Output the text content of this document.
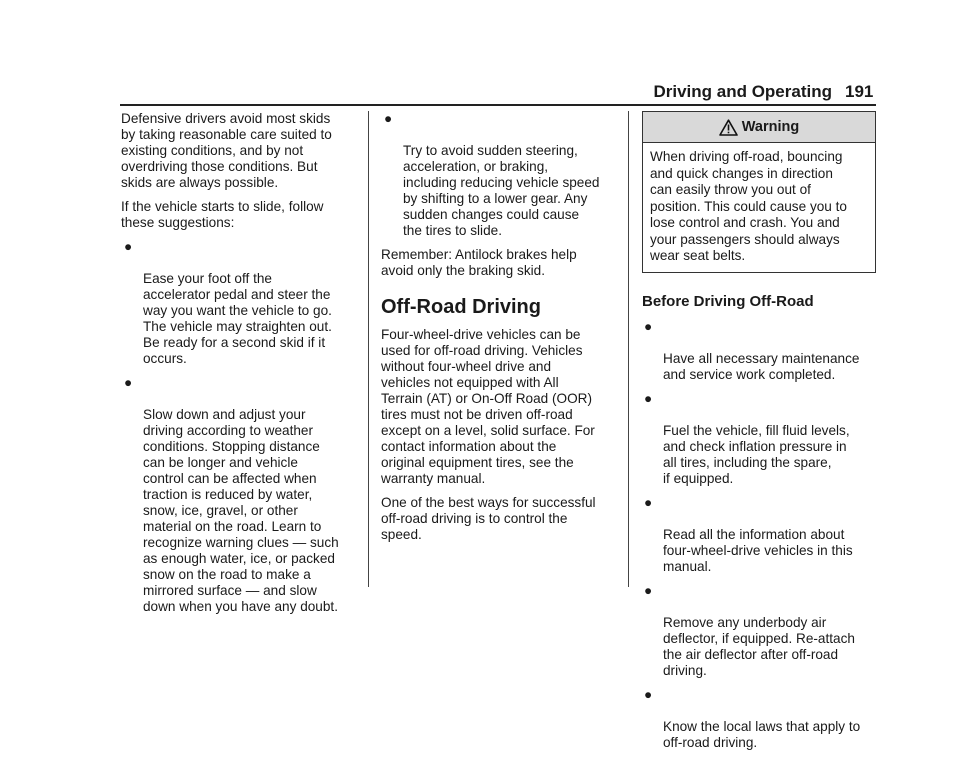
Driving and Operating 191

Defensive drivers avoid most skids
by taking reasonable care suited to
existing conditions, and by not
overdriving those conditions. But
skids are always possible.

If the vehicle starts to slide, follow
these suggestions:

●

Ease your foot off the
accelerator pedal and steer the
way you want the vehicle to go.
The vehicle may straighten out.
Be ready for a second skid if it
occurs.

●

Slow down and adjust your
driving according to weather
conditions. Stopping distance
can be longer and vehicle
control can be affected when
traction is reduced by water,
snow, ice, gravel, or other
material on the road. Learn to
recognize warning clues — such
as enough water, ice, or packed
snow on the road to make a
mirrored surface — and slow
down when you have any doubt.

●

Try to avoid sudden steering,
acceleration, or braking,
including reducing vehicle speed
by shifting to a lower gear. Any
sudden changes could cause
the tires to slide.

Remember: Antilock brakes help
avoid only the braking skid.

Off-Road Driving

Four-wheel-drive vehicles can be
used for off-road driving. Vehicles
without four-wheel drive and
vehicles not equipped with All
Terrain (AT) or On-Off Road (OOR)
tires must not be driven off-road
except on a level, solid surface. For
contact information about the
original equipment tires, see the
warranty manual.

One of the best ways for successful
off-road driving is to control the
speed.

Warning
When driving off-road, bouncing
and quick changes in direction
can easily throw you out of
position. This could cause you to
lose control and crash. You and
your passengers should always
wear seat belts.
Before Driving Off-Road

●

Have all necessary maintenance
and service work completed.

●

Fuel the vehicle, fill fluid levels,
and check inflation pressure in
all tires, including the spare,
if equipped.

●

Read all the information about
four-wheel-drive vehicles in this
manual.

●

Remove any underbody air
deflector, if equipped. Re-attach
the air deflector after off-road
driving.

●

Know the local laws that apply to
off-road driving.
